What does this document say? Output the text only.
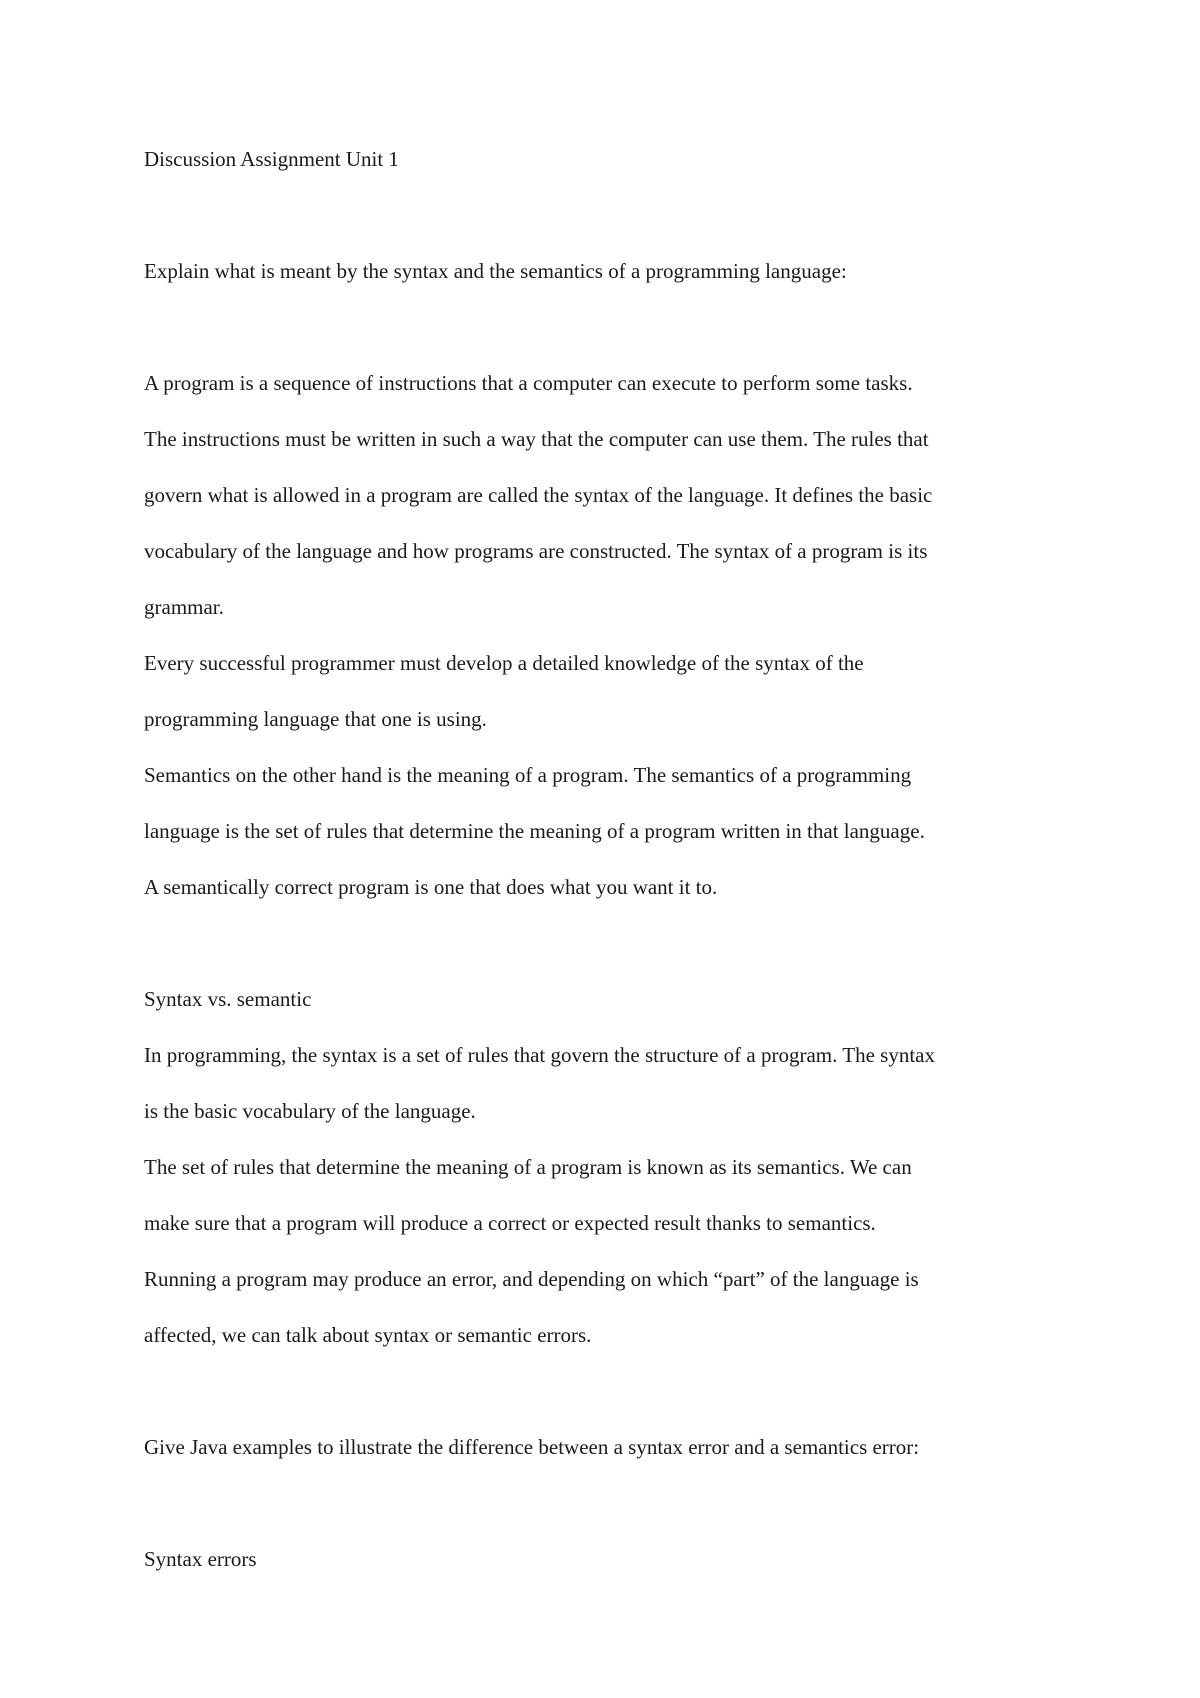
Discussion Assignment Unit 1

Explain what is meant by the syntax and the semantics of a programming language:

A program is a sequence of instructions that a computer can execute to perform some tasks.

The instructions must be written in such a way that the computer can use them. The rules that

govern what is allowed in a program are called the syntax of the language. It defines the basic

vocabulary of the language and how programs are constructed. The syntax of a program is its

grammar.

Every successful programmer must develop a detailed knowledge of the syntax of the

programming language that one is using.

Semantics on the other hand is the meaning of a program. The semantics of a programming

language is the set of rules that determine the meaning of a program written in that language.

A semantically correct program is one that does what you want it to.

Syntax vs. semantic

In programming, the syntax is a set of rules that govern the structure of a program. The syntax

is the basic vocabulary of the language.

The set of rules that determine the meaning of a program is known as its semantics. We can

make sure that a program will produce a correct or expected result thanks to semantics.

Running a program may produce an error, and depending on which “part” of the language is

affected, we can talk about syntax or semantic errors.

Give Java examples to illustrate the difference between a syntax error and a semantics error:

Syntax errors
